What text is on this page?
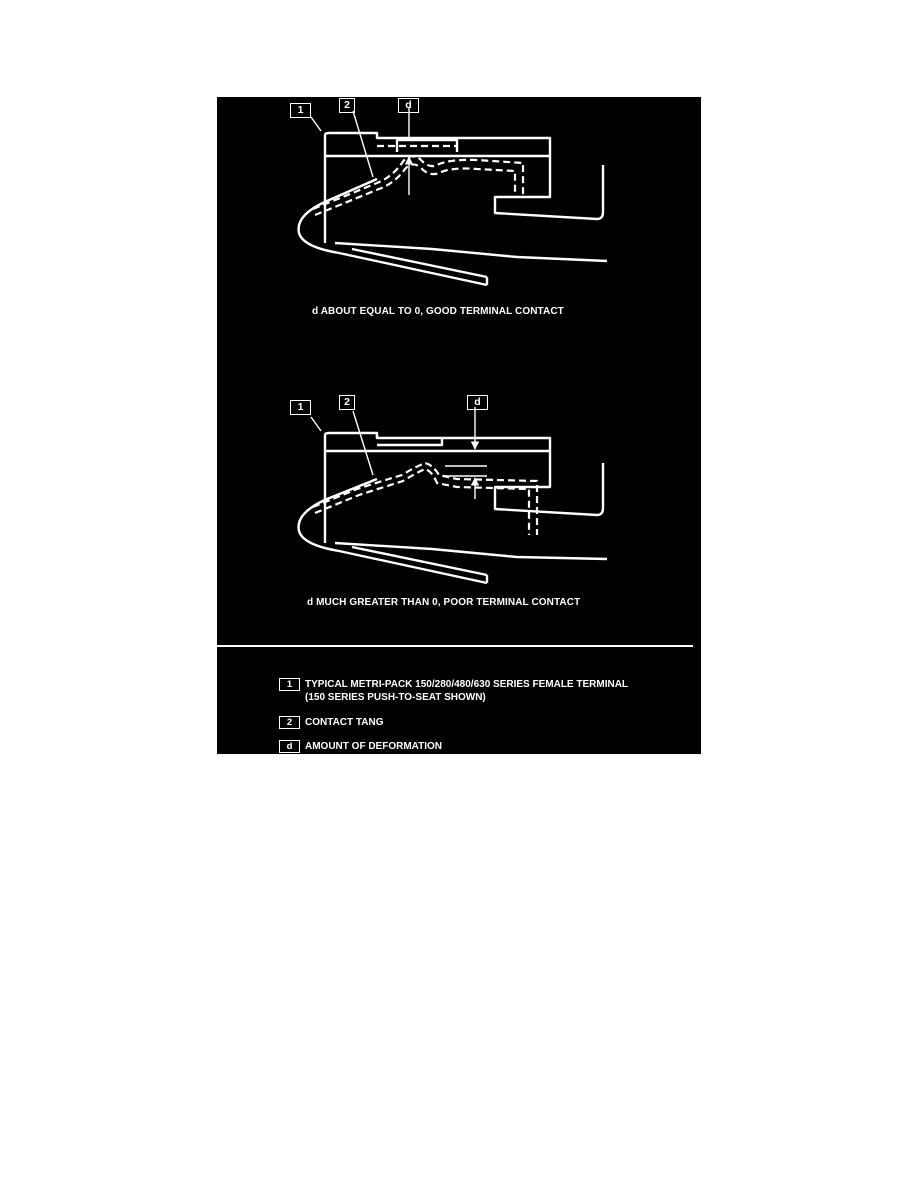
1	2	d
d ABOUT EQUAL TO 0, GOOD TERMINAL CONTACT
1	2	d
d MUCH GREATER THAN 0, POOR TERMINAL CONTACT
1	TYPICAL METRI-PACK 150/280/480/630 SERIES FEMALE TERMINAL
(150 SERIES PUSH-TO-SEAT SHOWN)
2	CONTACT TANG
d	AMOUNT OF DEFORMATION
